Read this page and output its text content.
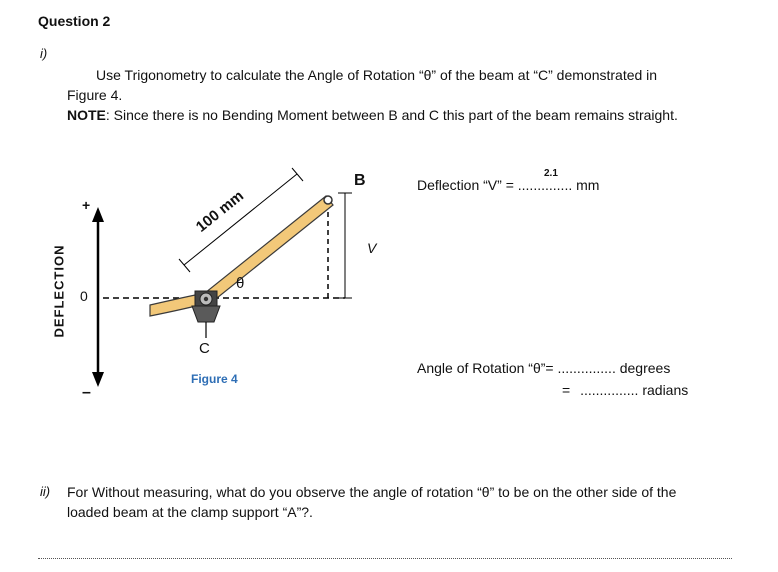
Question 2
i)
Use Trigonometry to calculate the Angle of Rotation “θ” of the beam at “C” demonstrated in
Figure 4.
NOTE: Since there is no Bending Moment between B and C this part of the beam remains straight.
DEFLECTION
+
0
–
100 mm
B
V
θ
C
Figure 4
2.1
Deflection “V” = .............. mm
Angle of Rotation “θ”= ............... degrees
= ............... radians
ii) For Without measuring, what do you observe the angle of rotation “θ” to be on the other side of the
loaded beam at the clamp support “A”?.
